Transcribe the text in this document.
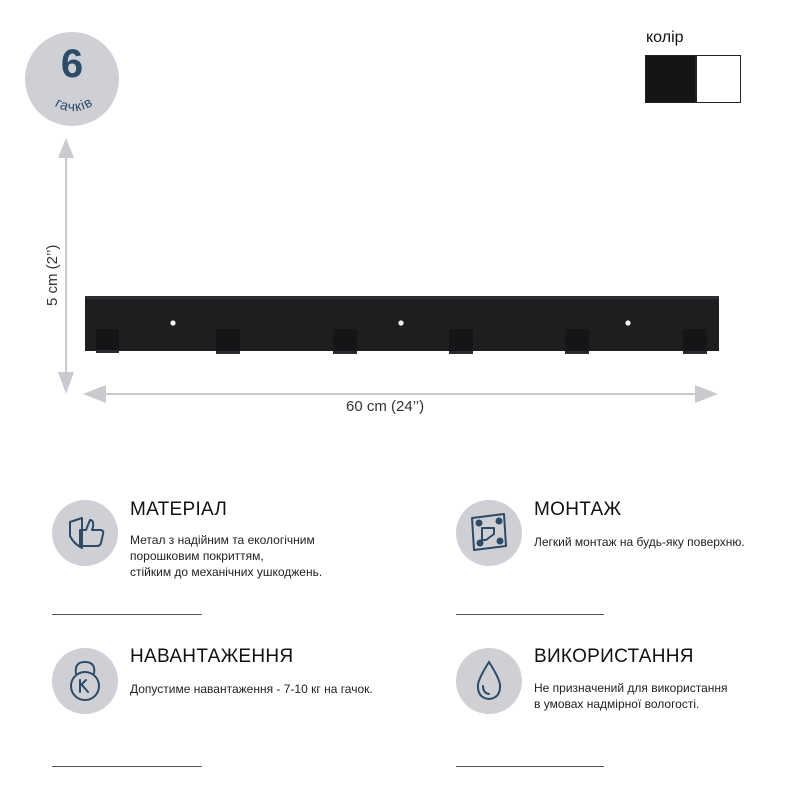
6
гачків
колір
60 cm (24’’)
5 cm (2’’)
МАТЕРІАЛ
Метал з надійним та екологічним
порошковим покриттям,
стійким до механічних ушкоджень.
МОНТАЖ
Легкий монтаж на будь-яку поверхню.
НАВАНТАЖЕННЯ
Допустиме навантаження - 7-10 кг на гачок.
ВИКОРИСТАННЯ
Не призначений для використання
в умовах надмірної вологості.
